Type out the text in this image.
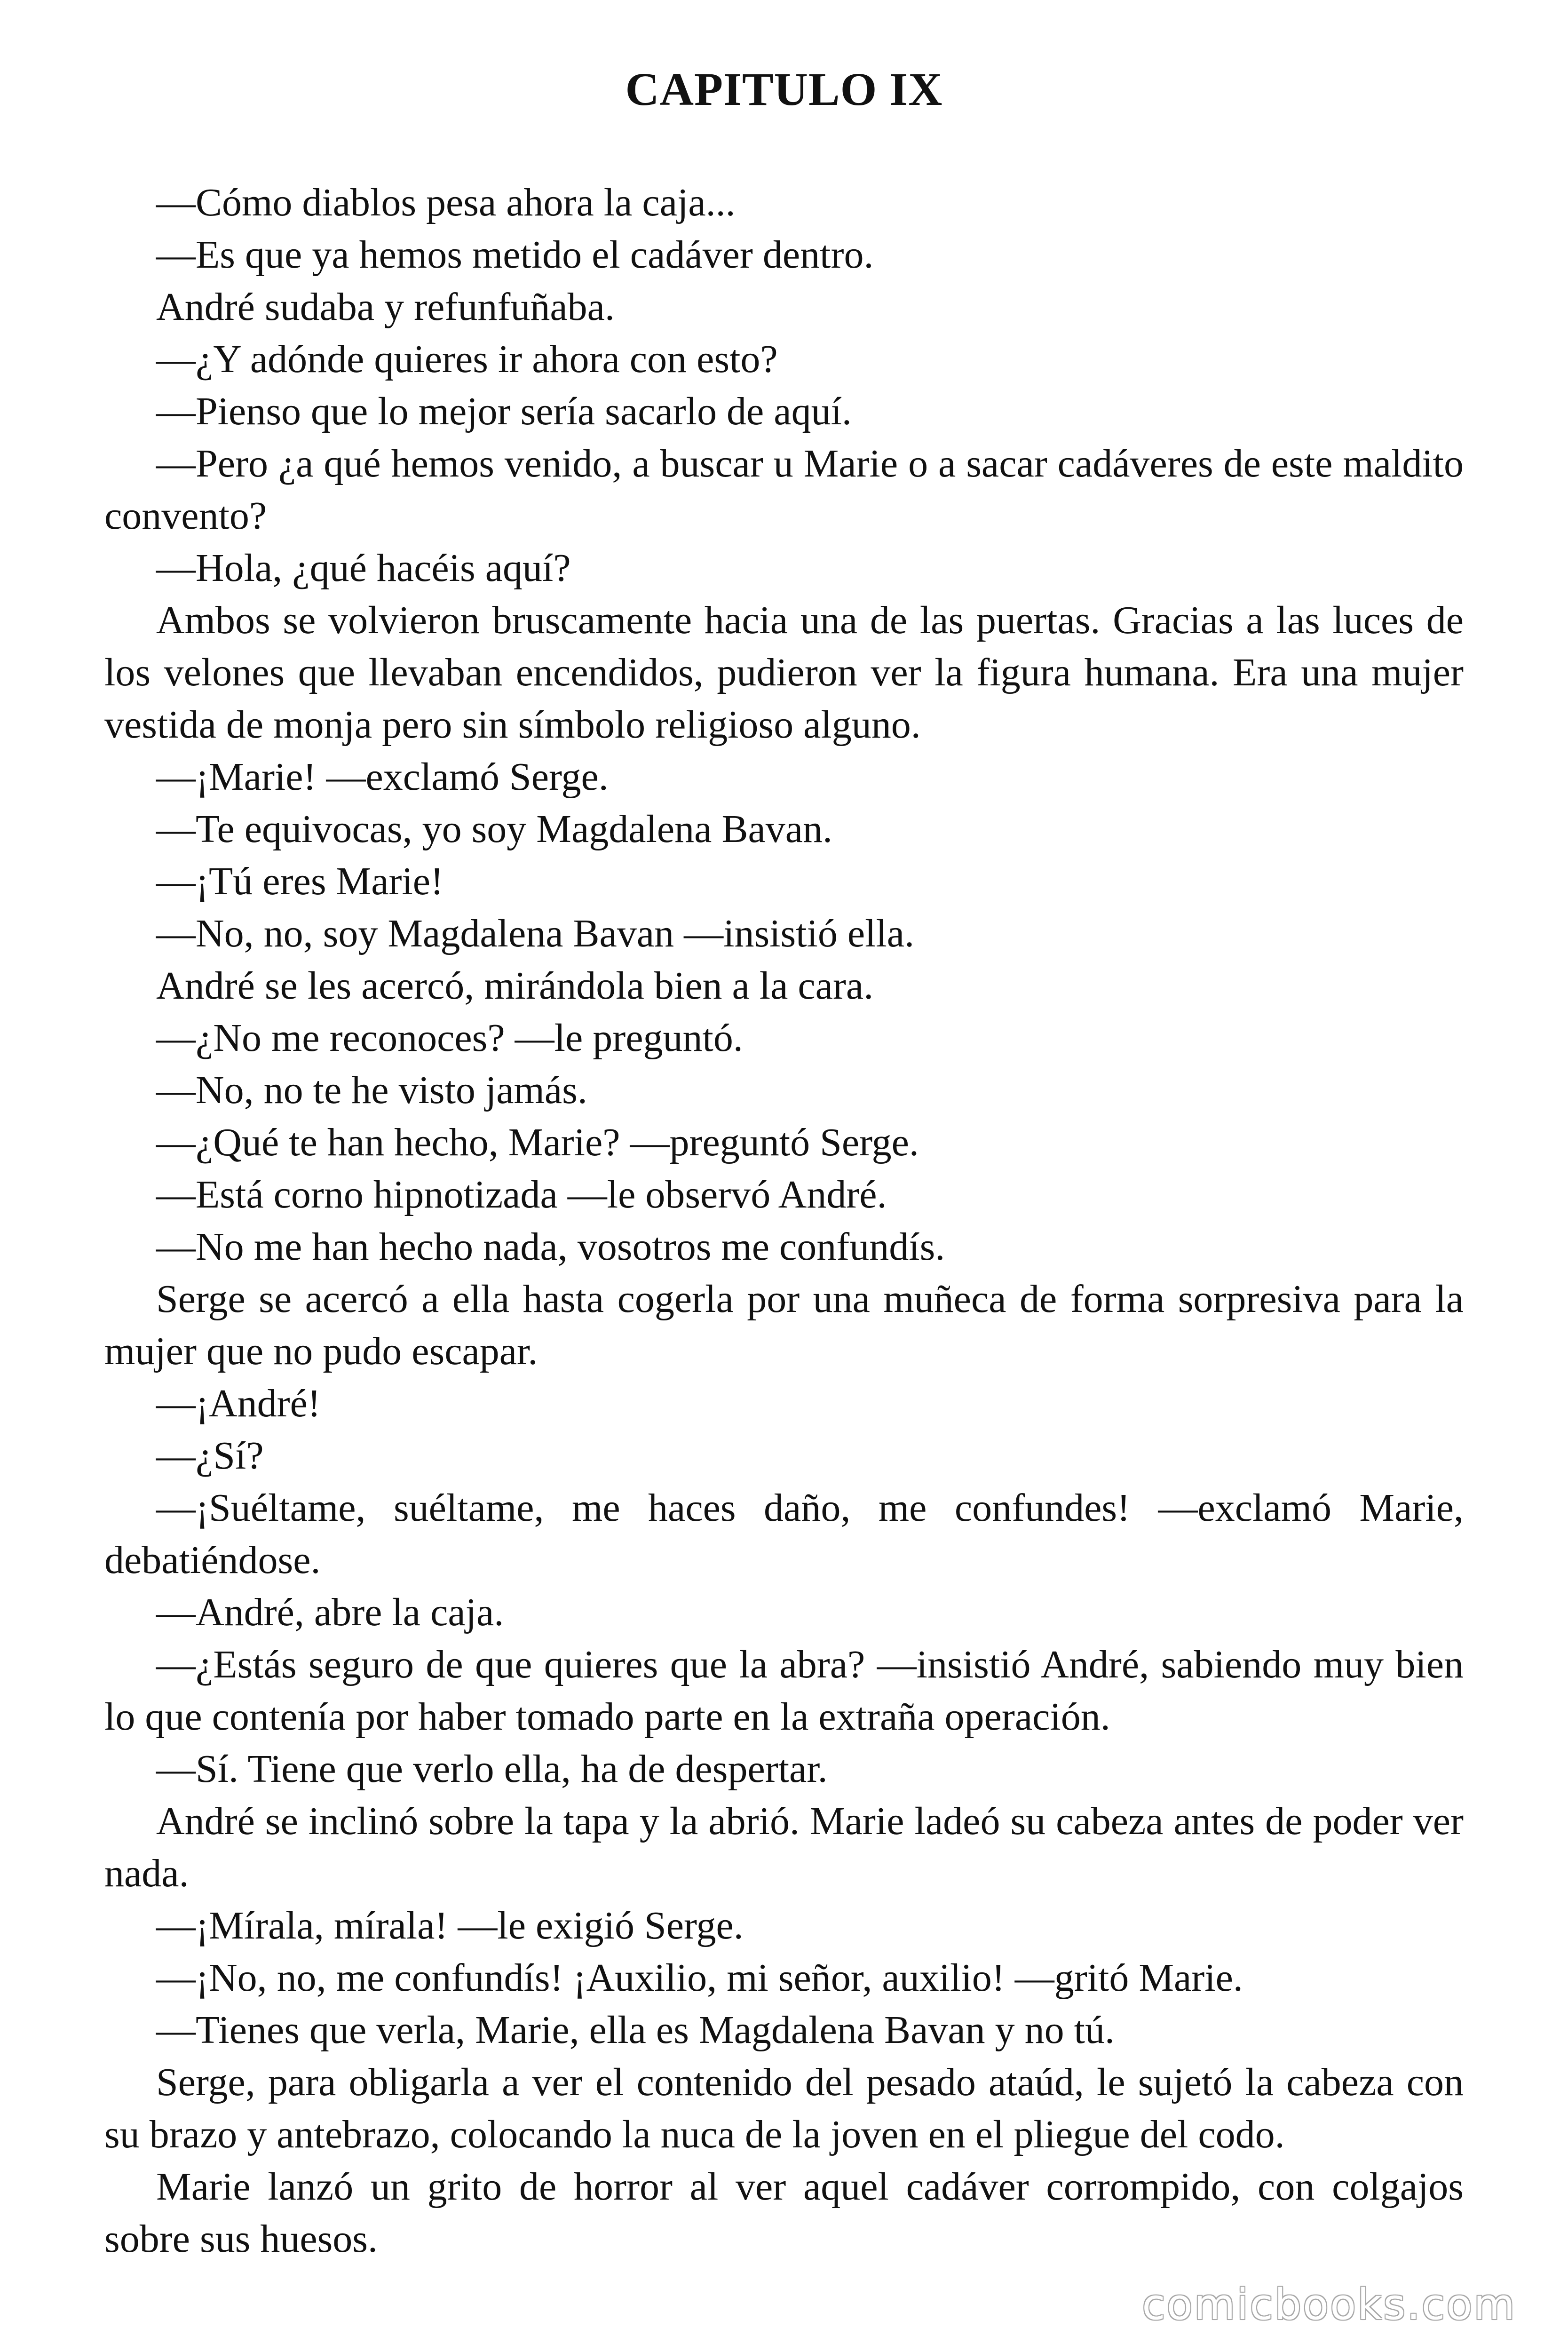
CAPITULO IX

—Cómo diablos pesa ahora la caja...

—Es que ya hemos metido el cadáver dentro.

André sudaba y refunfuñaba.

—¿Y adónde quieres ir ahora con esto?

—Pienso que lo mejor sería sacarlo de aquí.

—Pero ¿a qué hemos venido, a buscar u Marie o a sacar cadáveres de este maldito convento?

—Hola, ¿qué hacéis aquí?

Ambos se volvieron bruscamente hacia una de las puertas. Gracias a las luces de los velones que llevaban encendidos, pudieron ver la figura humana. Era una mujer vestida de monja pero sin símbolo religioso alguno.

—¡Marie! —exclamó Serge.

—Te equivocas, yo soy Magdalena Bavan.

—¡Tú eres Marie!

—No, no, soy Magdalena Bavan —insistió ella.

André se les acercó, mirándola bien a la cara.

—¿No me reconoces? —le preguntó.

—No, no te he visto jamás.

—¿Qué te han hecho, Marie? —preguntó Serge.

—Está corno hipnotizada —le observó André.

—No me han hecho nada, vosotros me confundís.

Serge se acercó a ella hasta cogerla por una muñeca de forma sorpresiva para la mujer que no pudo escapar.

—¡André!

—¿Sí?

—¡Suéltame, suéltame, me haces daño, me confundes! —exclamó Marie, debatiéndose.

—André, abre la caja.

—¿Estás seguro de que quieres que la abra? —insistió André, sabiendo muy bien lo que contenía por haber tomado parte en la extraña operación.

—Sí. Tiene que verlo ella, ha de despertar.

André se inclinó sobre la tapa y la abrió. Marie ladeó su cabeza antes de poder ver nada.

—¡Mírala, mírala! —le exigió Serge.

—¡No, no, me confundís! ¡Auxilio, mi señor, auxilio! —gritó Marie.

—Tienes que verla, Marie, ella es Magdalena Bavan y no tú.

Serge, para obligarla a ver el contenido del pesado ataúd, le sujetó la cabeza con su brazo y antebrazo, colocando la nuca de la joven en el pliegue del codo.

Marie lanzó un grito de horror al ver aquel cadáver corrompido, con colgajos sobre sus huesos.

comicbooks.com
